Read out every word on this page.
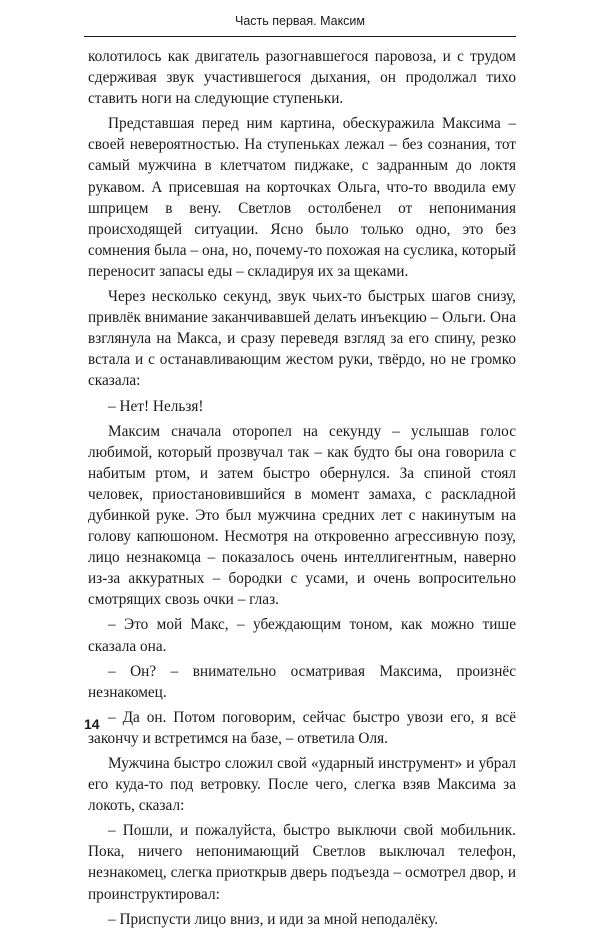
Часть первая. Максим

колотилось как двигатель разогнавшегося паровоза, и с трудом сдерживая звук участившегося дыхания, он продолжал тихо ставить ноги на следующие ступеньки.

Представшая перед ним картина, обескуражила Максима – своей невероятностью. На ступеньках лежал – без сознания, тот самый мужчина в клетчатом пиджаке, с задранным до локтя рукавом. А присевшая на корточках Ольга, что-то вводила ему шприцем в вену. Светлов остолбенел от непонимания происходящей ситуации. Ясно было только одно, это без сомнения была – она, но, почему-то похожая на суслика, который переносит запасы еды – складируя их за щеками.

Через несколько секунд, звук чьих-то быстрых шагов снизу, привлёк внимание заканчивавшей делать инъекцию – Ольги. Она взглянула на Макса, и сразу переведя взгляд за его спину, резко встала и с останавливающим жестом руки, твёрдо, но не громко сказала:

– Нет! Нельзя!

Максим сначала оторопел на секунду – услышав голос любимой, который прозвучал так – как будто бы она говорила с набитым ртом, и затем быстро обернулся. За спиной стоял человек, приостановившийся в момент замаха, с раскладной дубинкой руке. Это был мужчина средних лет с накинутым на голову капюшоном. Несмотря на откровенно агрессивную позу, лицо незнакомца – показалось очень интеллигентным, наверно из-за аккуратных – бородки с усами, и очень вопросительно смотрящих свозь очки – глаз.

– Это мой Макс, – убеждающим тоном, как можно тише сказала она.

– Он? – внимательно осматривая Максима, произнёс незнакомец.

– Да он. Потом поговорим, сейчас быстро увози его, я всё закончу и встретимся на базе, – ответила Оля.

Мужчина быстро сложил свой «ударный инструмент» и убрал его куда-то под ветровку. После чего, слегка взяв Максима за локоть, сказал:

– Пошли, и пожалуйста, быстро выключи свой мобильник. Пока, ничего непонимающий Светлов выключал телефон, незнакомец, слегка приоткрыв дверь подъезда – осмотрел двор, и проинструктировал:

– Приспусти лицо вниз, и иди за мной неподалёку.

14
